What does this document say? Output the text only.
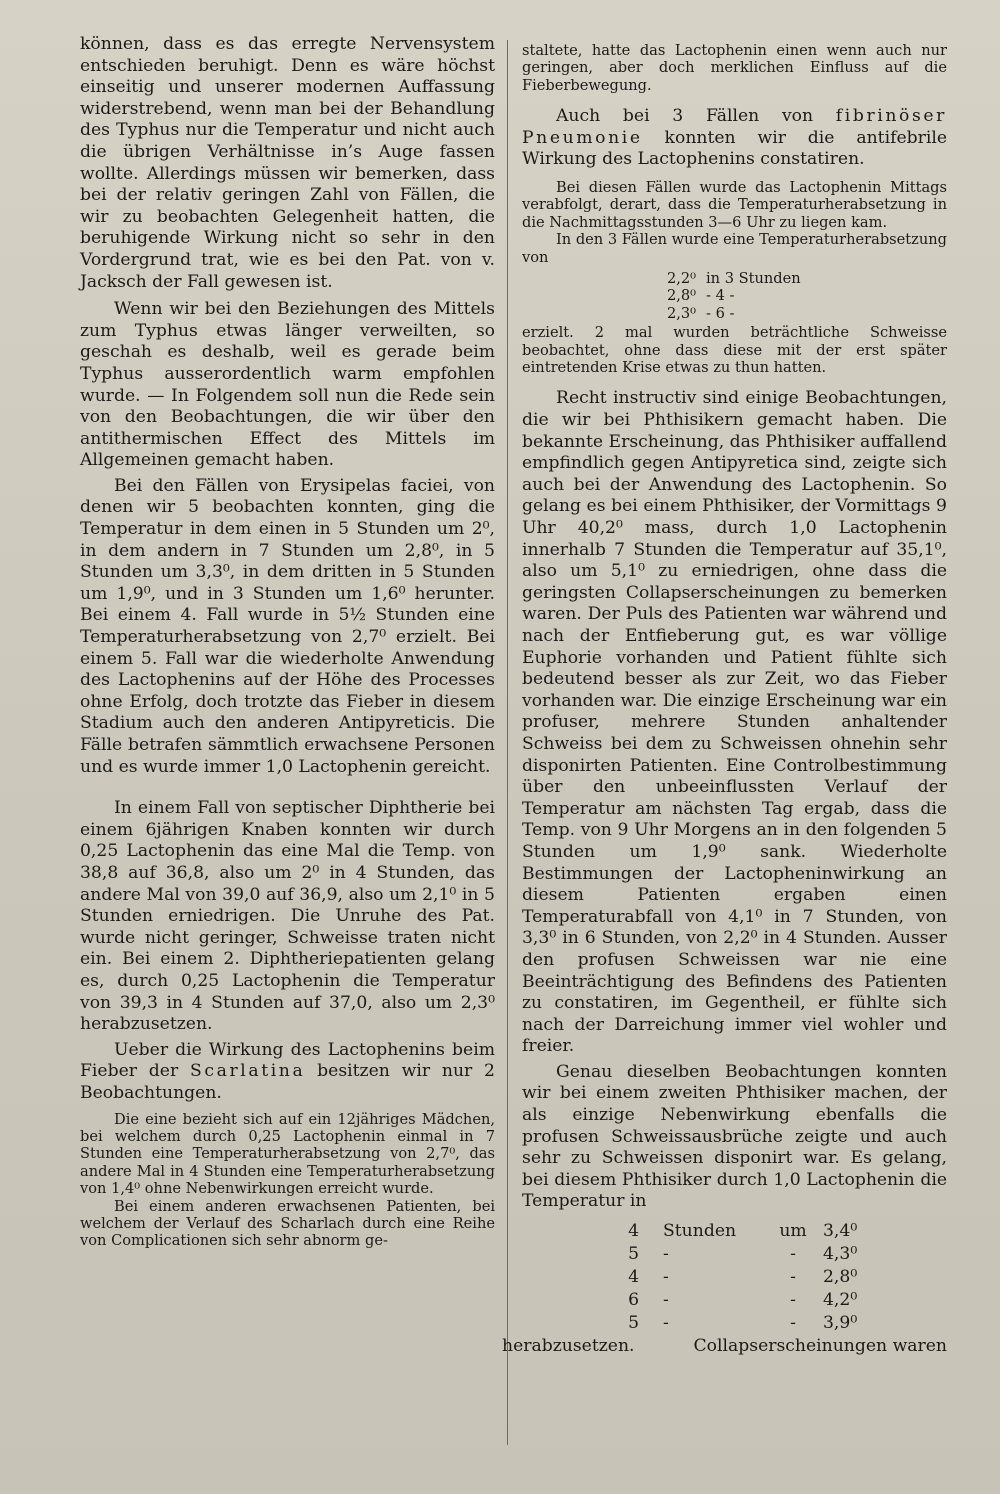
können, dass es das erregte Nervensystem entschieden beruhigt. Denn es wäre höchst einseitig und unserer modernen Auffassung widerstrebend, wenn man bei der Behandlung des Typhus nur die Temperatur und nicht auch die übrigen Verhältnisse in’s Auge fassen wollte. Allerdings müssen wir bemerken, dass bei der relativ geringen Zahl von Fällen, die wir zu beobachten Gelegenheit hatten, die beruhigende Wirkung nicht so sehr in den Vordergrund trat, wie es bei den Pat. von v. Jacksch der Fall gewesen ist.

Wenn wir bei den Beziehungen des Mittels zum Typhus etwas länger verweilten, so geschah es deshalb, weil es gerade beim Typhus ausserordentlich warm empfohlen wurde. — In Folgendem soll nun die Rede sein von den Beobachtungen, die wir über den antithermischen Effect des Mittels im Allgemeinen gemacht haben.

Bei den Fällen von Erysipelas faciei, von denen wir 5 beobachten konnten, ging die Temperatur in dem einen in 5 Stunden um 2⁰, in dem andern in 7 Stunden um 2,8⁰, in 5 Stunden um 3,3⁰, in dem dritten in 5 Stunden um 1,9⁰, und in 3 Stunden um 1,6⁰ herunter. Bei einem 4. Fall wurde in 5½ Stunden eine Temperaturherabsetzung von 2,7⁰ erzielt. Bei einem 5. Fall war die wiederholte Anwendung des Lactophenins auf der Höhe des Processes ohne Erfolg, doch trotzte das Fieber in diesem Stadium auch den anderen Antipyreticis. Die Fälle betrafen sämmtlich erwachsene Personen und es wurde immer 1,0 Lactophenin gereicht.

In einem Fall von septischer Diphtherie bei einem 6jährigen Knaben konnten wir durch 0,25 Lactophenin das eine Mal die Temp. von 38,8 auf 36,8, also um 2⁰ in 4 Stunden, das andere Mal von 39,0 auf 36,9, also um 2,1⁰ in 5 Stunden erniedrigen. Die Unruhe des Pat. wurde nicht geringer, Schweisse traten nicht ein. Bei einem 2. Diphtheriepatienten gelang es, durch 0,25 Lactophenin die Temperatur von 39,3 in 4 Stunden auf 37,0, also um 2,3⁰ herabzusetzen.

Ueber die Wirkung des Lactophenins beim Fieber der Scarlatina besitzen wir nur 2 Beobachtungen.

Die eine bezieht sich auf ein 12jähriges Mädchen, bei welchem durch 0,25 Lactophenin einmal in 7 Stunden eine Temperaturherabsetzung von 2,7⁰, das andere Mal in 4 Stunden eine Temperaturherabsetzung von 1,4⁰ ohne Nebenwirkungen erreicht wurde.

Bei einem anderen erwachsenen Patienten, bei welchem der Verlauf des Scharlach durch eine Reihe von Complicationen sich sehr abnorm ge-

staltete, hatte das Lactophenin einen wenn auch nur geringen, aber doch merklichen Einfluss auf die Fieberbewegung.

Auch bei 3 Fällen von fibrinöser Pneumonie konnten wir die antifebrile Wirkung des Lactophenins constatiren.

Bei diesen Fällen wurde das Lactophenin Mittags verabfolgt, derart, dass die Temperaturherabsetzung in die Nachmittagsstunden 3—6 Uhr zu liegen kam.

In den 3 Fällen wurde eine Temperaturherabsetzung von

2,2⁰ in 3 Stunden
2,8⁰ - 4 -
2,3⁰ - 6 -

erzielt. 2 mal wurden beträchtliche Schweisse beobachtet, ohne dass diese mit der erst später eintretenden Krise etwas zu thun hatten.

Recht instructiv sind einige Beobachtungen, die wir bei Phthisikern gemacht haben. Die bekannte Erscheinung, das Phthisiker auffallend empfindlich gegen Antipyretica sind, zeigte sich auch bei der Anwendung des Lactophenin. So gelang es bei einem Phthisiker, der Vormittags 9 Uhr 40,2⁰ mass, durch 1,0 Lactophenin innerhalb 7 Stunden die Temperatur auf 35,1⁰, also um 5,1⁰ zu erniedrigen, ohne dass die geringsten Collapserscheinungen zu bemerken waren. Der Puls des Patienten war während und nach der Entfieberung gut, es war völlige Euphorie vorhanden und Patient fühlte sich bedeutend besser als zur Zeit, wo das Fieber vorhanden war. Die einzige Erscheinung war ein profuser, mehrere Stunden anhaltender Schweiss bei dem zu Schweissen ohnehin sehr disponirten Patienten. Eine Controlbestimmung über den unbeeinflussten Verlauf der Temperatur am nächsten Tag ergab, dass die Temp. von 9 Uhr Morgens an in den folgenden 5 Stunden um 1,9⁰ sank. Wiederholte Bestimmungen der Lactopheninwirkung an diesem Patienten ergaben einen Temperaturabfall von 4,1⁰ in 7 Stunden, von 3,3⁰ in 6 Stunden, von 2,2⁰ in 4 Stunden. Ausser den profusen Schweissen war nie eine Beeinträchtigung des Befindens des Patienten zu constatiren, im Gegentheil, er fühlte sich nach der Darreichung immer viel wohler und freier.

Genau dieselben Beobachtungen konnten wir bei einem zweiten Phthisiker machen, der als einzige Nebenwirkung ebenfalls die profusen Schweissausbrüche zeigte und auch sehr zu Schweissen disponirt war. Es gelang, bei diesem Phthisiker durch 1,0 Lactophenin die Temperatur in

4	Stunden	um 3,4⁰
5	-	-	4,3⁰
4	-	-	2,8⁰
6	-	-	4,2⁰
5	-	-	3,9⁰
herabzusetzen.	Collapserscheinungen waren
